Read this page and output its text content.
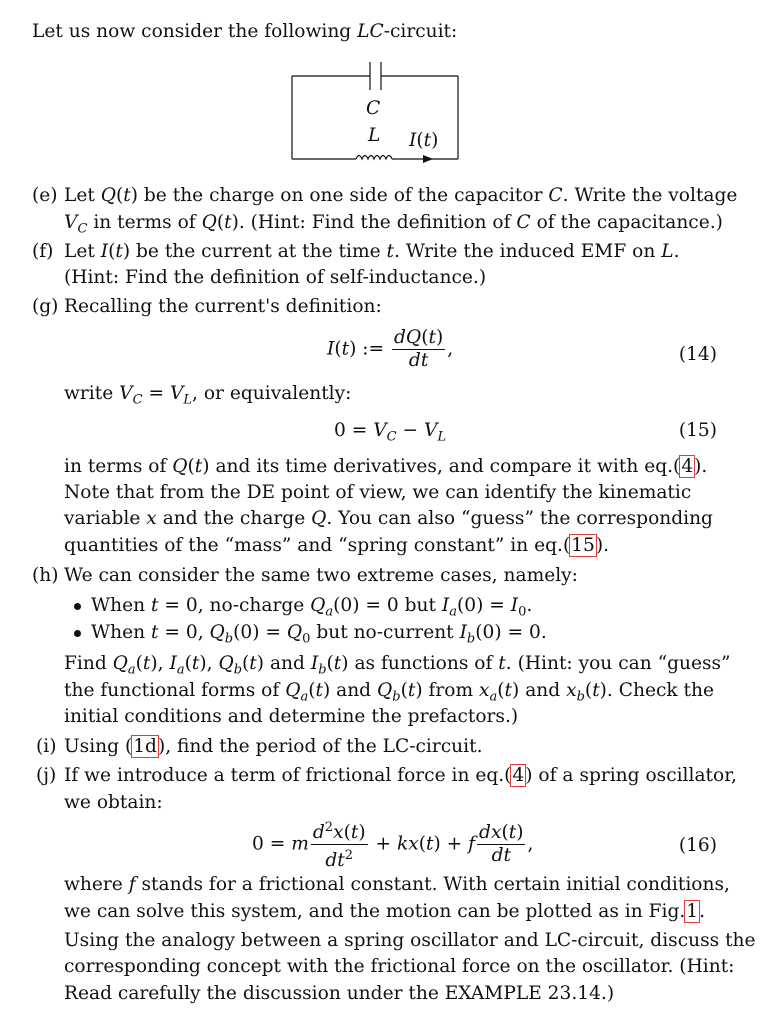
Let us now consider the following LC-circuit:
C
L I(t)
(e) Let Q(t) be the charge on one side of the capacitor C. Write the voltage
$V_C$ in terms of Q(t). (Hint: Find the definition of C of the capacitance.)
(f) Let I(t) be the current at the time t. Write the induced EMF on L.
(Hint: Find the definition of self-inductance.)
(g) Recalling the current's definition:
I(t) := $\frac{dQ(t)}{dt}$ ,	(14)
write $V_C = V_L$, or equivalently:
$0 = V_C - V_L$	(15)
in terms of Q(t) and its time derivatives, and compare it with eq.(4).
Note that from the DE point of view, we can identify the kinematic
variable x and the charge Q. You can also “guess” the corresponding
quantities of the “mass” and “spring constant” in eq.(15).
(h) We can consider the same two extreme cases, namely:
When t = 0, no-charge $Q_a(0) = 0$ but $I_a(0) = I_0$.
When t = 0, $Q_b(0) = Q_0$ but no-current $I_b(0) = 0$.
Find $Q_a(t)$, $I_a(t)$, $Q_b(t)$ and $I_b(t)$ as functions of t. (Hint: you can “guess”
the functional forms of $Q_a(t)$ and $Q_b(t)$ from $x_a(t)$ and $x_b(t)$. Check the
initial conditions and determine the prefactors.)
(i) Using (1d), find the period of the LC-circuit.
(j) If we introduce a term of frictional force in eq.(4) of a spring oscillator,
we obtain:
0 = m $\frac{d^2x(t)}{dt^2} + kx(t) + f \frac{dx(t)}{dt}$ ,	(16)
where f stands for a frictional constant. With certain initial conditions,
we can solve this system, and the motion can be plotted as in Fig.1.
Using the analogy between a spring oscillator and LC-circuit, discuss the
corresponding concept with the frictional force on the oscillator. (Hint:
Read carefully the discussion under the EXAMPLE 23.14.)
